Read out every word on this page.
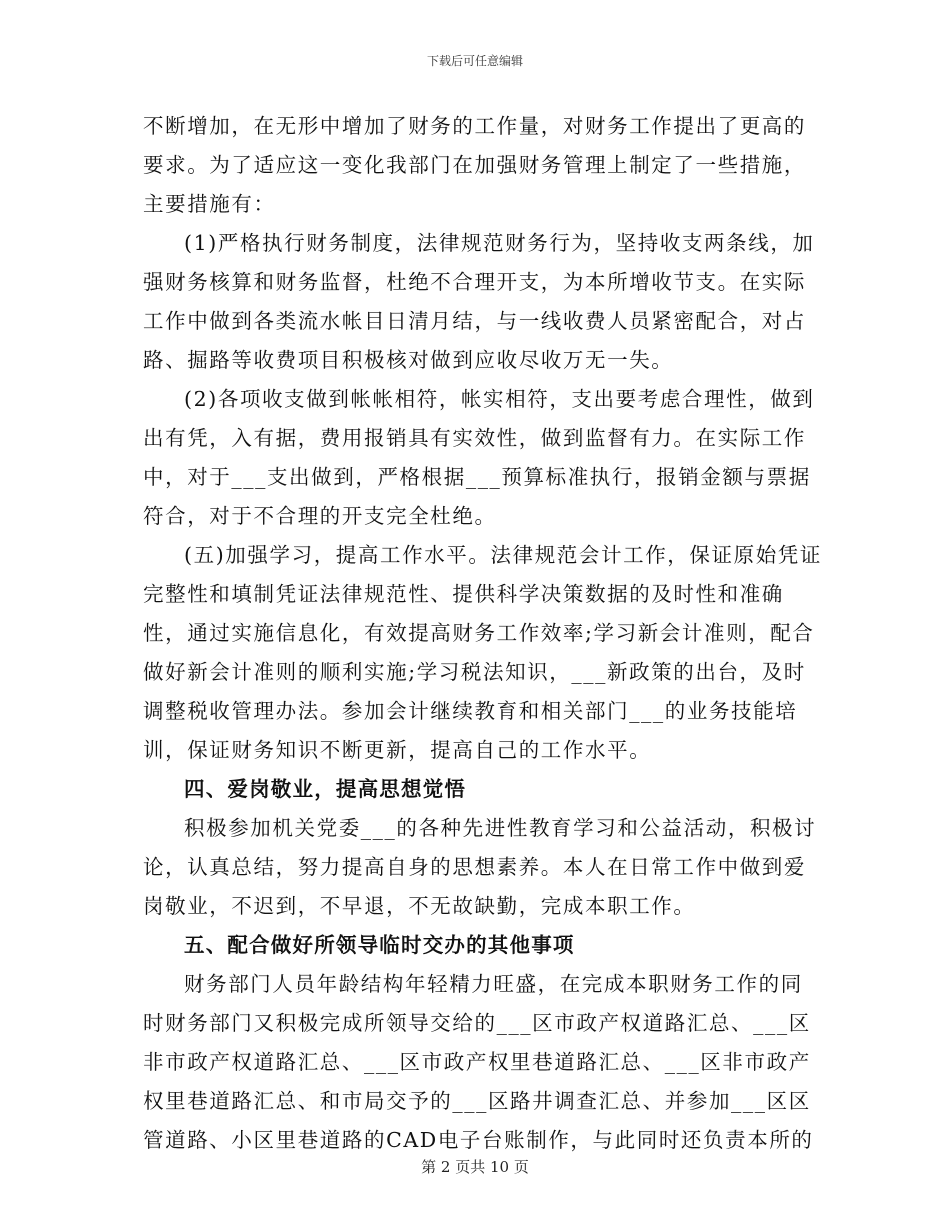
下载后可任意编辑

不断增加，在无形中增加了财务的工作量，对财务工作提出了更高的要求。为了适应这一变化我部门在加强财务管理上制定了一些措施，主要措施有：

(1)严格执行财务制度，法律规范财务行为，坚持收支两条线，加强财务核算和财务监督，杜绝不合理开支，为本所增收节支。在实际工作中做到各类流水帐目日清月结，与一线收费人员紧密配合，对占路、掘路等收费项目积极核对做到应收尽收万无一失。

(2)各项收支做到帐帐相符，帐实相符，支出要考虑合理性，做到出有凭，入有据，费用报销具有实效性，做到监督有力。在实际工作中，对于___支出做到，严格根据___预算标准执行，报销金额与票据符合，对于不合理的开支完全杜绝。

(五)加强学习，提高工作水平。法律规范会计工作，保证原始凭证完整性和填制凭证法律规范性、提供科学决策数据的及时性和准确性，通过实施信息化，有效提高财务工作效率;学习新会计准则，配合做好新会计准则的顺利实施;学习税法知识，___新政策的出台，及时调整税收管理办法。参加会计继续教育和相关部门___的业务技能培训，保证财务知识不断更新，提高自己的工作水平。

四、爱岗敬业，提高思想觉悟

积极参加机关党委___的各种先进性教育学习和公益活动，积极讨论，认真总结，努力提高自身的思想素养。本人在日常工作中做到爱岗敬业，不迟到，不早退，不无故缺勤，完成本职工作。

五、配合做好所领导临时交办的其他事项

财务部门人员年龄结构年轻精力旺盛，在完成本职财务工作的同时财务部门又积极完成所领导交给的___区市政产权道路汇总、___区非市政产权道路汇总、___区市政产权里巷道路汇总、___区非市政产权里巷道路汇总、和市局交予的___区路井调查汇总、并参加___区区管道路、小区里巷道路的CAD电子台账制作，与此同时还负责本所的

第 2 页共 10 页
